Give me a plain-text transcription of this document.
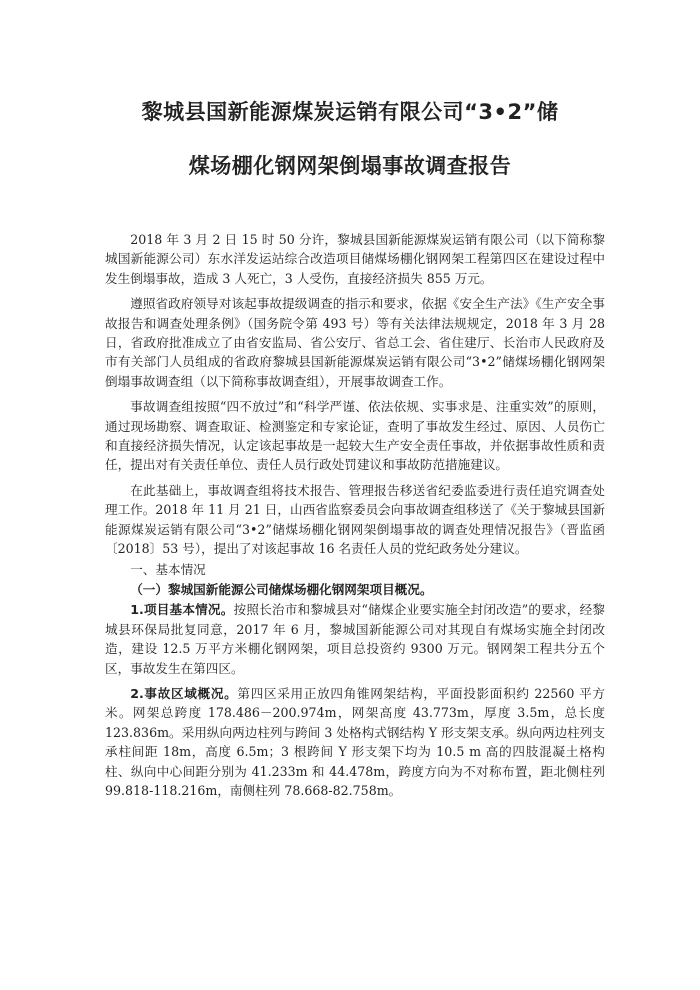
黎城县国新能源煤炭运销有限公司“3•2”储
煤场棚化钢网架倒塌事故调查报告

2018 年 3 月 2 日 15 时 50 分许，黎城县国新能源煤炭运销有限公司（以下简称黎城国新能源公司）东水洋发运站综合改造项目储煤场棚化钢网架工程第四区在建设过程中发生倒塌事故，造成 3 人死亡，3 人受伤，直接经济损失 855 万元。

遵照省政府领导对该起事故提级调查的指示和要求，依据《安全生产法》《生产安全事故报告和调查处理条例》（国务院令第 493 号）等有关法律法规规定，2018 年 3 月 28 日，省政府批准成立了由省安监局、省公安厅、省总工会、省住建厅、长治市人民政府及市有关部门人员组成的省政府黎城县国新能源煤炭运销有限公司“3•2”储煤场棚化钢网架倒塌事故调查组（以下简称事故调查组），开展事故调查工作。

事故调查组按照“四不放过”和“科学严谨、依法依规、实事求是、注重实效”的原则，通过现场勘察、调查取证、检测鉴定和专家论证，查明了事故发生经过、原因、人员伤亡和直接经济损失情况，认定该起事故是一起较大生产安全责任事故，并依据事故性质和责任，提出对有关责任单位、责任人员行政处罚建议和事故防范措施建议。

在此基础上，事故调查组将技术报告、管理报告移送省纪委监委进行责任追究调查处理工作。2018 年 11 月 21 日，山西省监察委员会向事故调查组移送了《关于黎城县国新能源煤炭运销有限公司“3•2”储煤场棚化钢网架倒塌事故的调查处理情况报告》（晋监函〔2018〕53 号），提出了对该起事故 16 名责任人员的党纪政务处分建议。

一、基本情况

（一）黎城国新能源公司储煤场棚化钢网架项目概况。

1.项目基本情况。按照长治市和黎城县对“储煤企业要实施全封闭改造”的要求，经黎城县环保局批复同意，2017 年 6 月，黎城国新能源公司对其现自有煤场实施全封闭改造，建设 12.5 万平方米棚化钢网架，项目总投资约 9300 万元。钢网架工程共分五个区，事故发生在第四区。

2.事故区域概况。第四区采用正放四角锥网架结构，平面投影面积约 22560 平方米。网架总跨度 178.486－200.974m，网架高度 43.773m，厚度 3.5m，总长度 123.836m。采用纵向两边柱列与跨间 3 处格构式钢结构 Y 形支架支承。纵向两边柱列支承柱间距 18m，高度 6.5m；3 根跨间 Y 形支架下均为 10.5 m 高的四肢混凝土格构柱、纵向中心间距分别为 41.233m 和 44.478m，跨度方向为不对称布置，距北侧柱列 99.818-118.216m，南侧柱列 78.668-82.758m。
